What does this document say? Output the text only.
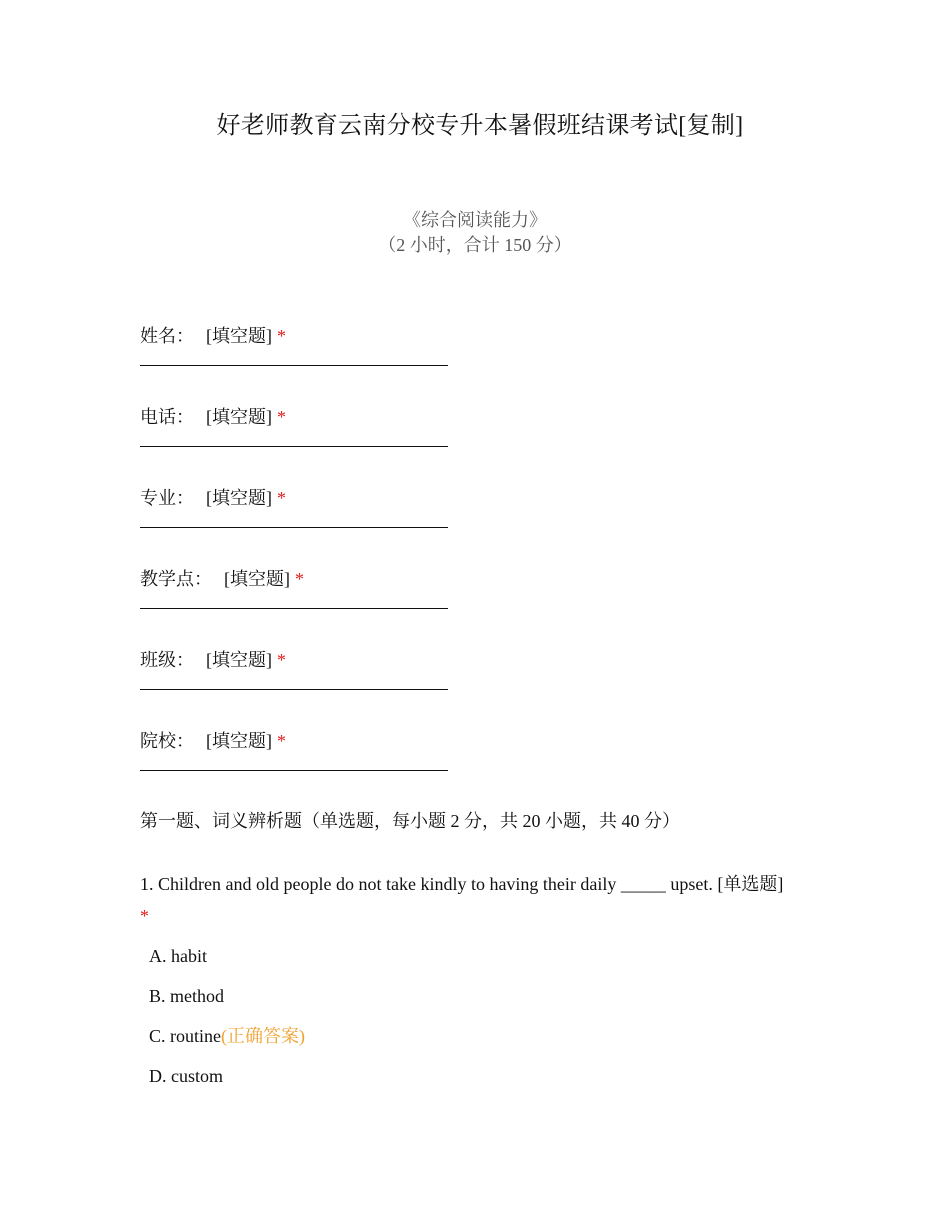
好老师教育云南分校专升本暑假班结课考试[复制]
《综合阅读能力》
（2 小时，合计 150 分）
姓名： [填空题] *
电话： [填空题] *
专业： [填空题] *
教学点： [填空题] *
班级： [填空题] *
院校： [填空题] *
第一题、词义辨析题（单选题，每小题 2 分，共 20 小题，共 40 分）
1. Children and old people do not take kindly to having their daily _____ upset. [单选题]
*
A. habit
B. method
C. routine(正确答案)
D. custom
